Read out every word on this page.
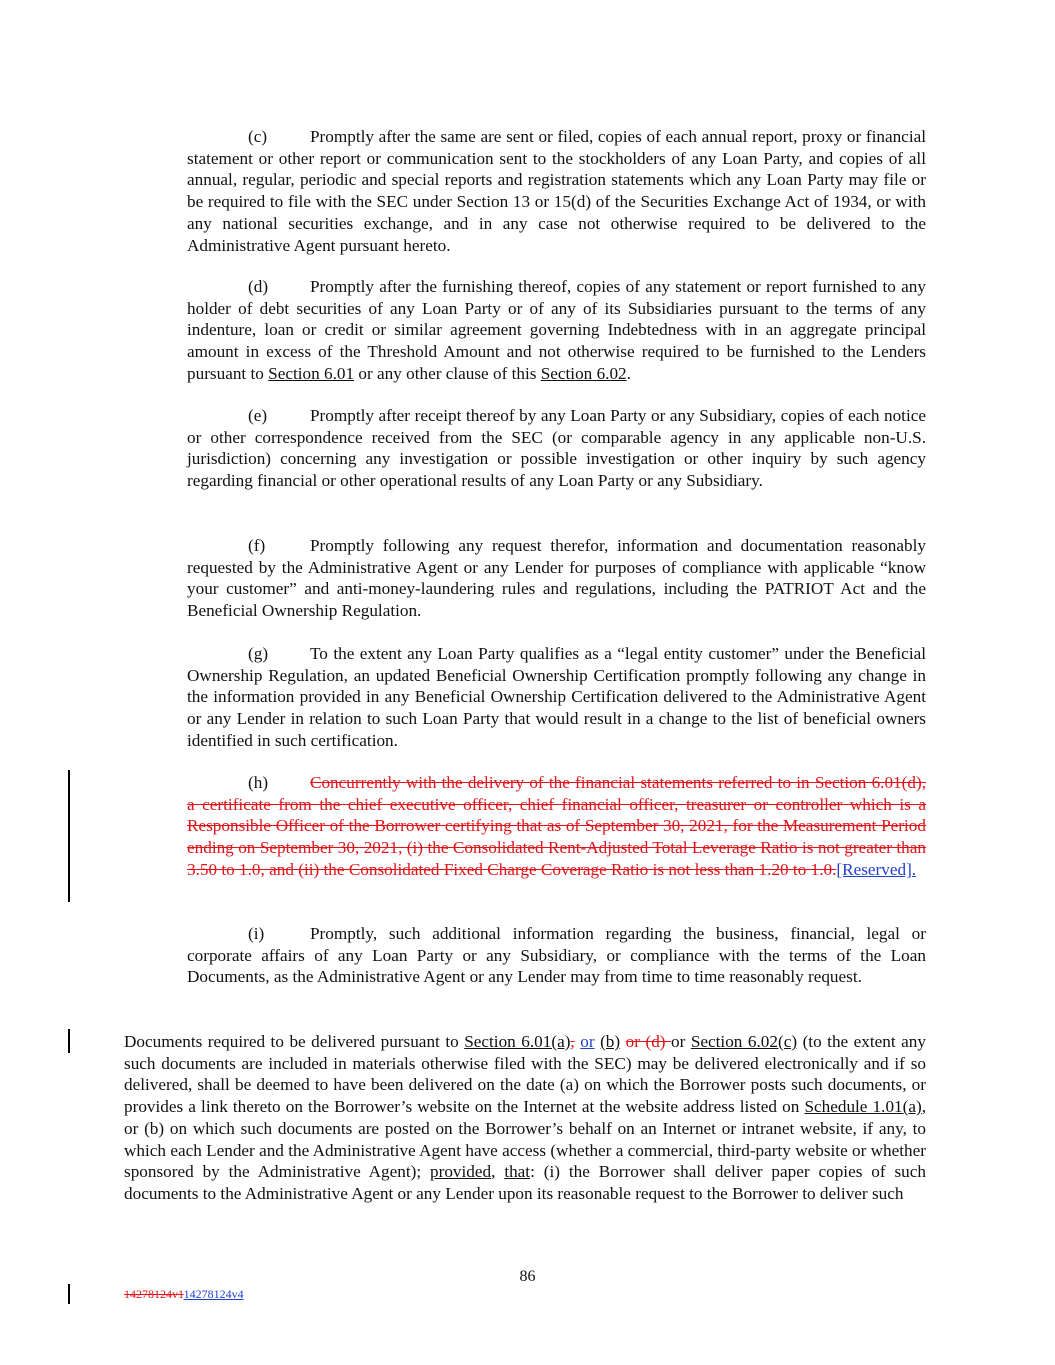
(c) Promptly after the same are sent or filed, copies of each annual report, proxy or financial statement or other report or communication sent to the stockholders of any Loan Party, and copies of all annual, regular, periodic and special reports and registration statements which any Loan Party may file or be required to file with the SEC under Section 13 or 15(d) of the Securities Exchange Act of 1934, or with any national securities exchange, and in any case not otherwise required to be delivered to the Administrative Agent pursuant hereto.

(d) Promptly after the furnishing thereof, copies of any statement or report furnished to any holder of debt securities of any Loan Party or of any of its Subsidiaries pursuant to the terms of any indenture, loan or credit or similar agreement governing Indebtedness with in an aggregate principal amount in excess of the Threshold Amount and not otherwise required to be furnished to the Lenders pursuant to Section 6.01 or any other clause of this Section 6.02.

(e) Promptly after receipt thereof by any Loan Party or any Subsidiary, copies of each notice or other correspondence received from the SEC (or comparable agency in any applicable non-U.S. jurisdiction) concerning any investigation or possible investigation or other inquiry by such agency regarding financial or other operational results of any Loan Party or any Subsidiary.

(f)	Promptly following any request therefor, information and documentation reasonably requested by the Administrative Agent or any Lender for purposes of compliance with applicable “know your customer” and anti-money-laundering rules and regulations, including the PATRIOT Act and the Beneficial Ownership Regulation.

(g) To the extent any Loan Party qualifies as a “legal entity customer” under the Beneficial Ownership Regulation, an updated Beneficial Ownership Certification promptly following any change in the information provided in any Beneficial Ownership Certification delivered to the Administrative Agent or any Lender in relation to such Loan Party that would result in a change to the list of beneficial owners identified in such certification.

(h) Concurrently with the delivery of the financial statements referred to in Section 6.01(d), a certificate from the chief executive officer, chief financial officer, treasurer or controller which is a Responsible Officer of the Borrower certifying that as of September 30, 2021, for the Measurement Period ending on September 30, 2021, (i) the Consolidated Rent-Adjusted Total Leverage Ratio is not greater than 3.50 to 1.0, and (ii) the Consolidated Fixed Charge Coverage Ratio is not less than 1.20 to 1.0.[Reserved].

(i)	Promptly, such additional information regarding the business, financial, legal or corporate affairs of any Loan Party or any Subsidiary, or compliance with the terms of the Loan Documents, as the Administrative Agent or any Lender may from time to time reasonably request.

Documents required to be delivered pursuant to Section 6.01(a), or (b) or (d) or Section 6.02(c) (to the extent any such documents are included in materials otherwise filed with the SEC) may be delivered electronically and if so delivered, shall be deemed to have been delivered on the date (a) on which the Borrower posts such documents, or provides a link thereto on the Borrower’s website on the Internet at the website address listed on Schedule 1.01(a), or (b) on which such documents are posted on the Borrower’s behalf on an Internet or intranet website, if any, to which each Lender and the Administrative Agent have access (whether a commercial, third-party website or whether sponsored by the Administrative Agent); provided, that: (i) the Borrower shall deliver paper copies of such documents to the Administrative Agent or any Lender upon its reasonable request to the Borrower to deliver such

86
14278124v114278124v4
